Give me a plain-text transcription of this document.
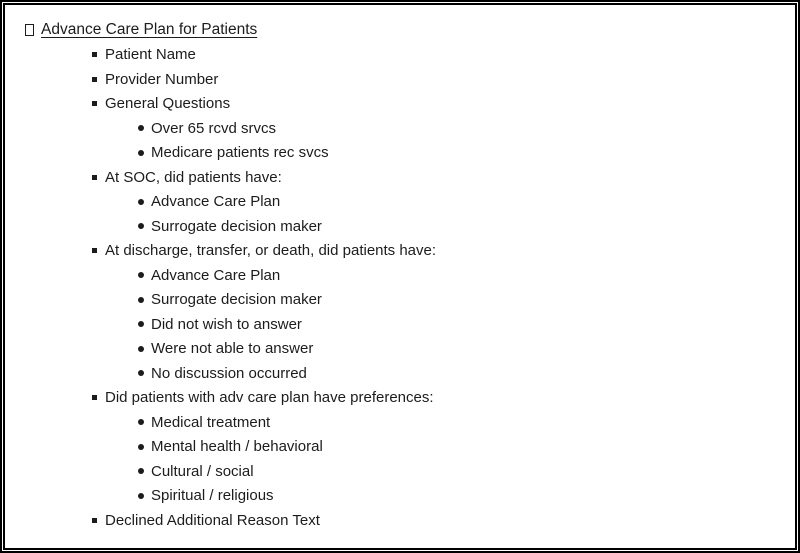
Advance Care Plan for Patients
Patient Name
Provider Number
General Questions
Over 65 rcvd srvcs
Medicare patients rec svcs
At SOC, did patients have:
Advance Care Plan
Surrogate decision maker
At discharge, transfer, or death, did patients have:
Advance Care Plan
Surrogate decision maker
Did not wish to answer
Were not able to answer
No discussion occurred
Did patients with adv care plan have preferences:
Medical treatment
Mental health / behavioral
Cultural / social
Spiritual / religious
Declined Additional Reason Text
